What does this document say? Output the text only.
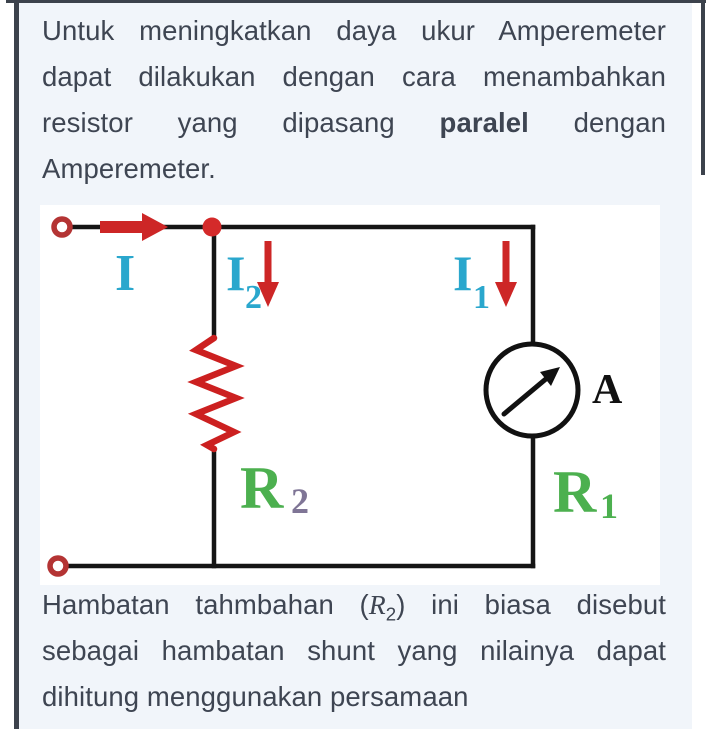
Untuk meningkatkan daya ukur Amperemeter dapat dilakukan dengan cara menambahkan resistor yang dipasang paralel dengan Amperemeter.

I I 2	I 1
A
R 2	R 1

Hambatan tahmbahan $(R_2)$ ini biasa disebut sebagai hambatan shunt yang nilainya dapat dihitung menggunakan persamaan
